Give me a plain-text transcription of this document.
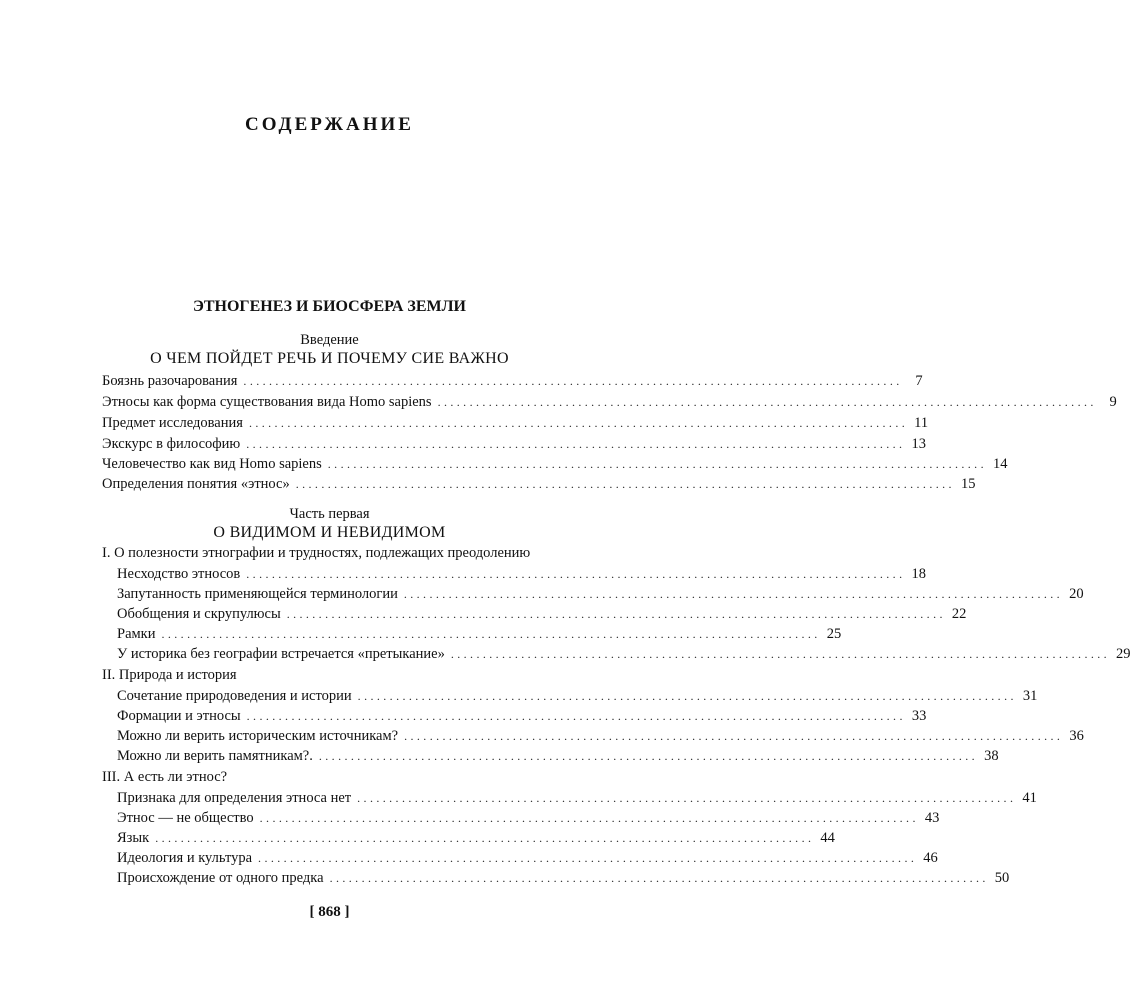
СОДЕРЖАНИЕ
ЭТНОГЕНЕЗ И БИОСФЕРА ЗЕМЛИ
Введение
О ЧЕМ ПОЙДЕТ РЕЧЬ И ПОЧЕМУ СИЕ ВАЖНО
Боязнь разочарования ....................................................................................................... 7
Этносы как форма существования вида Homo sapiens ....................................................................................................... 9
Предмет исследования ....................................................................................................... 11
Экскурс в философию ....................................................................................................... 13
Человечество как вид Homo sapiens ....................................................................................................... 14
Определения понятия «этнос» ....................................................................................................... 15
Часть первая
О ВИДИМОМ И НЕВИДИМОМ
I. О полезности этнографии и трудностях, подлежащих преодолению
Несходство этносов ....................................................................................................... 18
Запутанность применяющейся терминологии ....................................................................................................... 20
Обобщения и скрупулюсы ....................................................................................................... 22
Рамки ....................................................................................................... 25
У историка без географии встречается «претыкание» ....................................................................................................... 29
II. Природа и история
Сочетание природоведения и истории ....................................................................................................... 31
Формации и этносы ....................................................................................................... 33
Можно ли верить историческим источникам? ....................................................................................................... 36
Можно ли верить памятникам?. ....................................................................................................... 38
III. А есть ли этнос?
Признака для определения этноса нет ....................................................................................................... 41
Этнос — не общество ....................................................................................................... 43
Язык ....................................................................................................... 44
Идеология и культура ....................................................................................................... 46
Происхождение от одного предка ....................................................................................................... 50
[ 868 ]
